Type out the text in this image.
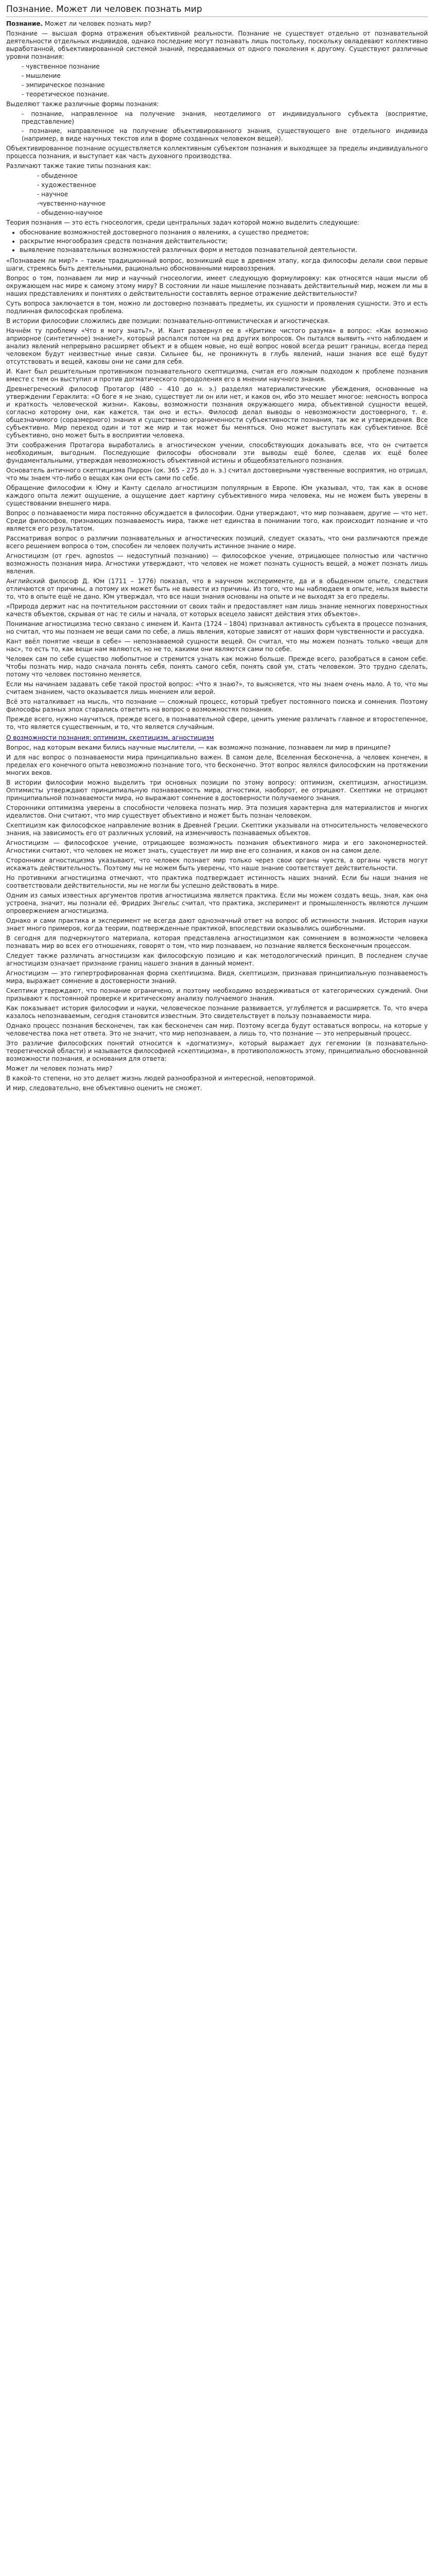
Познание. Может ли человек познать мир

Познание. Может ли человек познать мир?

Познание — высшая форма отражения объективной реальности. Познание не существует отдельно от познавательной деятельности отдельных индивидов, однако последние могут познавать лишь постольку, поскольку овладевают коллективно выработанной, объективированной системой знаний, передаваемых от одного поколения к другому. Существуют различные уровни познания:

- чувственное познание
- мышление
- эмпирическое познание
- теоретическое познание.

Выделяют также различные формы познания:

- познание, направленное на получение знания, неотделимого от индивидуального субъекта (восприятие, представление)
- познание, направленное на получение объективированного знания, существующего вне отдельного индивида (например, в виде научных текстов или в форме созданных человеком вещей).

Объективированное познание осуществляется коллективным субъектом познания и выходящее за пределы индивидуального процесса познания, и выступает как часть духовного производства.

Различают также такие типы познания как:

- обыденное
- художественное
- научное
-чувственно-научное
- обыденно-научное

Теория познания — это есть гносеология, среди центральных задач которой можно выделить следующие:

• обоснование возможностей достоверного познания о явлениях, а существо предметов;
• раскрытие многообразия средств познания действительности;
• выявление познавательных возможностей различных форм и методов познавательной деятельности.

«Познаваем ли мир?» – такие традиционный вопрос, возникший еще в древнем этапу, когда философы делали свои первые шаги, стремясь быть деятельными, рационально обоснованными мировоззрения.

Вопрос о том, познаваем ли мир и научный гносеологии, имеет следующую формулировку: как относятся наши мысли об окружающем нас мире к самому этому миру? В состоянии ли наше мышление познавать действительный мир, можем ли мы в наших представлениях и понятиях о действительности составлять верное отражение действительности?

Суть вопроса заключается в том, можно ли достоверно познавать предметы, их сущности и проявления сущности. Это и есть подлинная философская проблема.

В истории философии сложились две позиции: познавательно-оптимистическая и агностическая.

Начнём ту проблему «Что я могу знать?», И. Кант развернул ее в «Критике чистого разума» в вопрос: «Как возможно априорное (синтетичное) знание?», который распался потом на ряд других вопросов. Он пытался выявить «что наблюдаем и анализ явлений непрерывно расширяет объект и в общем новые, но ещё вопрос новой всегда решит границы, всегда перед человеком будут неизвестные иные связи. Сильнее бы, не проникнуть в глубь явлений, наши знания все ещё будут отсутствовать и вещей, каковы они не сами для себя.

И. Кант был решительным противником познавательного скептицизма, считая его ложным подходом к проблеме познания вместе с тем он выступил и против догматического преодоления его в мнении научного знания.

Древнегреческий философ Протагор (480 – 410 до н. э.) разделял материалистические убеждения, основанные на утверждении Гераклита: «О боге я не знаю, существует ли он или нет, и каков он, ибо это мешает многое: неясность вопроса и краткость человеческой жизни». Каковы, возможности познания окружающего мира, объективной сущности вещей, согласно которому они, как кажется, так оно и есть». Философ делал выводы о невозможности достоверного, т. е. общезначимого (соразмерного) знания и существенно ограниченности субъективности познания, так же и утверждения. Все субъективно. Мир переход один и тот же мир и так может бы меняться. Оно может выступать как субъективное. Всё субъективно, оно может быть в восприятии человека.

Эти соображения Протагора выработались в агностическом учении, способствующих доказывать все, что он считается необходимым, выгодным. Последующие философы обосновали эти выводы ещё более, сделав их ещё более фундаментальными, утверждая невозможность объективной истины и общеобязательного познания.

Основатель античного скептицизма Пиррон (ок. 365 – 275 до н. э.) считал достоверными чувственные восприятия, но отрицал, что мы знаем что-либо о вещах как они есть сами по себе.

Обращение философии к Юму и Канту сделало агностицизм популярным в Европе. Юм указывал, что, так как в основе каждого опыта лежит ощущение, а ощущение дает картину субъективного мира человека, мы не можем быть уверены в существовании внешнего мира.

Вопрос о познаваемости мира постоянно обсуждается в философии. Одни утверждают, что мир познаваем, другие — что нет. Среди философов, признающих познаваемость мира, также нет единства в понимании того, как происходит познание и что является его результатом.

Рассматривая вопрос о различии познавательных и агностических позиций, следует сказать, что они различаются прежде всего решением вопроса о том, способен ли человек получить истинное знание о мире.

Агностицизм (от греч. agnostos — недоступный познанию) — философское учение, отрицающее полностью или частично возможность познания мира. Агностики утверждают, что человек не может познать сущность вещей, а может познать лишь явления.

Английский философ Д. Юм (1711 – 1776) показал, что в научном эксперименте, да и в обыденном опыте, следствия отличаются от причины, а потому их может быть не вывести из причины. Из того, что мы наблюдаем в опыте, нельзя вывести то, что в опыте ещё не дано. Юм утверждал, что все наши знания основаны на опыте и не выходят за его пределы.

«Природа держит нас на почтительном расстоянии от своих тайн и предоставляет нам лишь знание немногих поверхностных качеств объектов, скрывая от нас те силы и начала, от которых всецело зависят действия этих объектов».

Понимание агностицизма тесно связано с именем И. Канта (1724 – 1804) признавал активность субъекта в процессе познания, но считал, что мы познаем не вещи сами по себе, а лишь явления, которые зависят от наших форм чувственности и рассудка.

Кант ввёл понятие «вещи в себе» — непознаваемой сущности вещей. Он считал, что мы можем познать только «вещи для нас», то есть то, как вещи нам являются, но не то, какими они являются сами по себе.

Человек сам по себе существо любопытное и стремится узнать как можно больше. Прежде всего, разобраться в самом себе. Чтобы познать мир, надо сначала понять себя, понять самого себя, понять свой ум, стать человеком. Это трудно сделать, потому что человек постоянно меняется.

Если мы начинаем задавать себе такой простой вопрос: «Что я знаю?», то выясняется, что мы знаем очень мало. А то, что мы считаем знанием, часто оказывается лишь мнением или верой.

Всё это наталкивает на мысль, что познание — сложный процесс, который требует постоянного поиска и сомнения. Поэтому философы разных эпох старались ответить на вопрос о возможностях познания.

Прежде всего, нужно научиться, прежде всего, в познавательной сфере, ценить умение различать главное и второстепенное, то, что является существенным, и то, что является случайным.

О возможности познания: оптимизм, скептицизм, агностицизм

Вопрос, над которым веками бились научные мыслители, — как возможно познание, познаваем ли мир в принципе?

И для нас вопрос о познаваемости мира принципиально важен. В самом деле, Вселенная бесконечна, а человек конечен, в пределах его конечного опыта невозможно познание того, что бесконечно. Этот вопрос являлся философским на протяжении многих веков.

В истории философии можно выделить три основных позиции по этому вопросу: оптимизм, скептицизм, агностицизм. Оптимисты утверждают принципиальную познаваемость мира, агностики, наоборот, ее отрицают. Скептики не отрицают принципиальной познаваемости мира, но выражают сомнение в достоверности получаемого знания.

Сторонники оптимизма уверены в способности человека познать мир. Эта позиция характерна для материалистов и многих идеалистов. Они считают, что мир существует объективно и может быть познан человеком.

Скептицизм как философское направление возник в Древней Греции. Скептики указывали на относительность человеческого знания, на зависимость его от различных условий, на изменчивость познаваемых объектов.

Агностицизм — философское учение, отрицающее возможность познания объективного мира и его закономерностей. Агностики считают, что человек не может знать, существует ли мир вне его сознания, и каков он на самом деле.

Сторонники агностицизма указывают, что человек познает мир только через свои органы чувств, а органы чувств могут искажать действительность. Поэтому мы не можем быть уверены, что наше знание соответствует действительности.

Но противники агностицизма отмечают, что практика подтверждает истинность наших знаний. Если бы наши знания не соответствовали действительности, мы не могли бы успешно действовать в мире.

Одним из самых известных аргументов против агностицизма является практика. Если мы можем создать вещь, зная, как она устроена, значит, мы познали её. Фридрих Энгельс считал, что практика, эксперимент и промышленность являются лучшим опровержением агностицизма.

Однако и сами практика и эксперимент не всегда дают однозначный ответ на вопрос об истинности знания. История науки знает много примеров, когда теории, подтвержденные практикой, впоследствии оказывались ошибочными.

В сегодня для подчеркнутого материала, которая представлена агностицизмом как сомнением в возможности человека познавать мир во всех его отношениях, говорят о том, что мир познаваем, но познание является бесконечным процессом.

Следует также различать агностицизм как философскую позицию и как методологический принцип. В последнем случае агностицизм означает признание границ нашего знания в данный момент.

Агностицизм — это гипертрофированная форма скептицизма. Видя, скептицизм, признавая принципиальную познаваемость мира, выражает сомнение в достоверности знаний.

Скептики утверждают, что познание ограничено, и поэтому необходимо воздерживаться от категорических суждений. Они призывают к постоянной проверке и критическому анализу получаемого знания.

Как показывает история философии и науки, человеческое познание развивается, углубляется и расширяется. То, что вчера казалось непознаваемым, сегодня становится известным. Это свидетельствует в пользу познаваемости мира.

Однако процесс познания бесконечен, так как бесконечен сам мир. Поэтому всегда будут оставаться вопросы, на которые у человечества пока нет ответа. Это не значит, что мир непознаваем, а лишь то, что познание — это непрерывный процесс.

Это различие философских понятий относится к «догматизму», который выражает дух гегемонии (в познавательно-теоретической области) и называется философией «скептицизма», в противоположность этому, принципиально обоснованной возможности познания, и основания для ответа:

Может ли человек познать мир?

В какой-то степени, но это делает жизнь людей разнообразной и интересной, неповторимой.

И мир, следовательно, вне объективно оценить не сможет.
